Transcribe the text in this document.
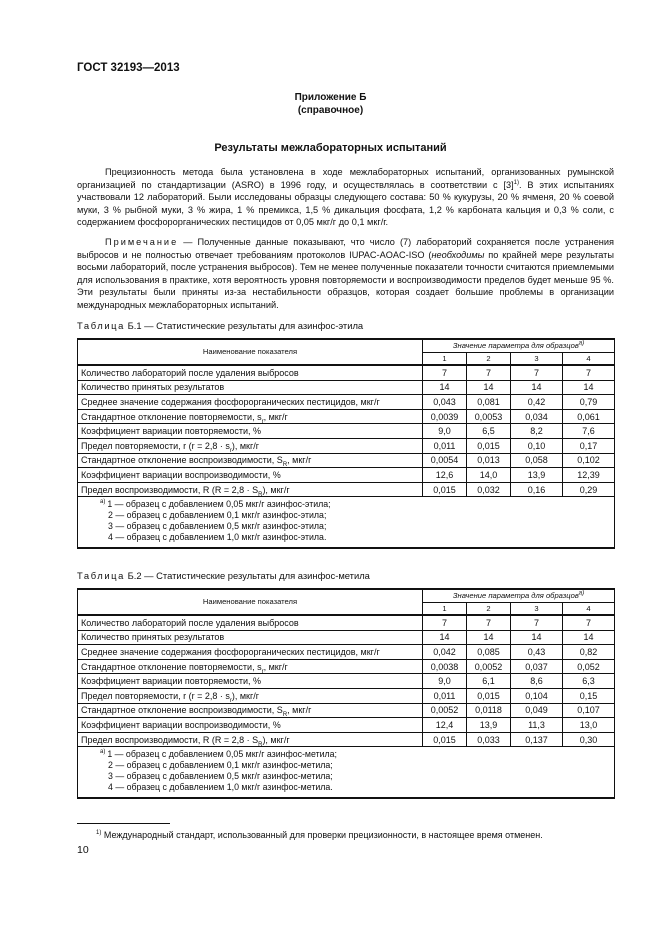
ГОСТ 32193—2013
Приложение Б
(справочное)
Результаты межлабораторных испытаний
Прецизионность метода была установлена в ходе межлабораторных испытаний, организованных румынской организацией по стандартизации (ASRO) в 1996 году, и осуществлялась в соответствии с $[3]^{1)}$. В этих испытаниях участвовали 12 лабораторий. Были исследованы образцы следующего состава: 50 % кукурузы, 20 % ячменя, 20 % соевой муки, 3 % рыбной муки, 3 % жира, 1 % премикса, 1,5 % дикальция фосфата, 1,2 % карбоната кальция и 0,3 % соли, с содержанием фосфорорганических пестицидов от 0,05 мкг/г до 0,1 мкг/г.
Примечание — Полученные данные показывают, что число (7) лабораторий сохраняется после устранения выбросов и не полностью отвечает требованиям протоколов IUPAC-AOAC-ISO (необходимы по крайней мере результаты восьми лабораторий, после устранения выбросов). Тем не менее полученные показатели точности считаются приемлемыми для использования в практике, хотя вероятность уровня повторяемости и воспроизводимости пределов будет меньше 95 %. Эти результаты были приняты из-за нестабильности образцов, которая создает большие проблемы в организации международных межлабораторных испытаний.
Таблица Б.1 — Статистические результаты для азинфос-этила
Наименование показателя	Значение параметра для образцов$^{а)}$
	1	2	3	4
Количество лабораторий после удаления выбросов	7	7	7	7
Количество принятых результатов	14	14	14	14
Среднее значение содержания фосфорорганических пестицидов, мкг/г	0,043	0,081	0,42	0,79
Стандартное отклонение повторяемости, $s_r$, мкг/г	0,0039	0,0053	0,034	0,061
Коэффициент вариации повторяемости, %	9,0	6,5	8,2	7,6
Предел повторяемости, r $(r = 2,8 \cdot s_r)$, мкг/г	0,011	0,015	0,10	0,17
Стандартное отклонение воспроизводимости, $S_R$, мкг/г	0,0054	0,013	0,058	0,102
Коэффициент вариации воспроизводимости, %	12,6	14,0	13,9	12,39
Предел воспроизводимости, R $(R = 2,8 \cdot S_R)$, мкг/г	0,015	0,032	0,16	0,29

$^{а)}$ 1 — образец с добавлением 0,05 мкг/г азинфос-этила;
2 — образец с добавлением 0,1 мкг/г азинфос-этила;
3 — образец с добавлением 0,5 мкг/г азинфос-этила;
4 — образец с добавлением 1,0 мкг/г азинфос-этила.				
Таблица Б.2 — Статистические результаты для азинфос-метила
Наименование показателя	Значение параметра для образцов$^{а)}$
	1	2	3	4
Количество лабораторий после удаления выбросов	7	7	7	7
Количество принятых результатов	14	14	14	14
Среднее значение содержания фосфорорганических пестицидов, мкг/г	0,042	0,085	0,43	0,82
Стандартное отклонение повторяемости, $s_r$, мкг/г	0,0038	0,0052	0,037	0,052
Коэффициент вариации повторяемости, %	9,0	6,1	8,6	6,3
Предел повторяемости, r $(r = 2,8 \cdot s_r)$, мкг/г	0,011	0,015	0,104	0,15
Стандартное отклонение воспроизводимости, $S_R$, мкг/г	0,0052	0,0118	0,049	0,107
Коэффициент вариации воспроизводимости, %	12,4	13,9	11,3	13,0
Предел воспроизводимости, R $(R = 2,8 \cdot S_R)$, мкг/г	0,015	0,033	0,137	0,30

$^{а)}$ 1 — образец с добавлением 0,05 мкг/г азинфос-метила;
2 — образец с добавлением 0,1 мкг/г азинфос-метила;
3 — образец с добавлением 0,5 мкг/г азинфос-метила;
4 — образец с добавлением 1,0 мкг/г азинфос-метила.				
$^{1)}$ Международный стандарт, использованный для проверки прецизионности, в настоящее время отменен.
10
